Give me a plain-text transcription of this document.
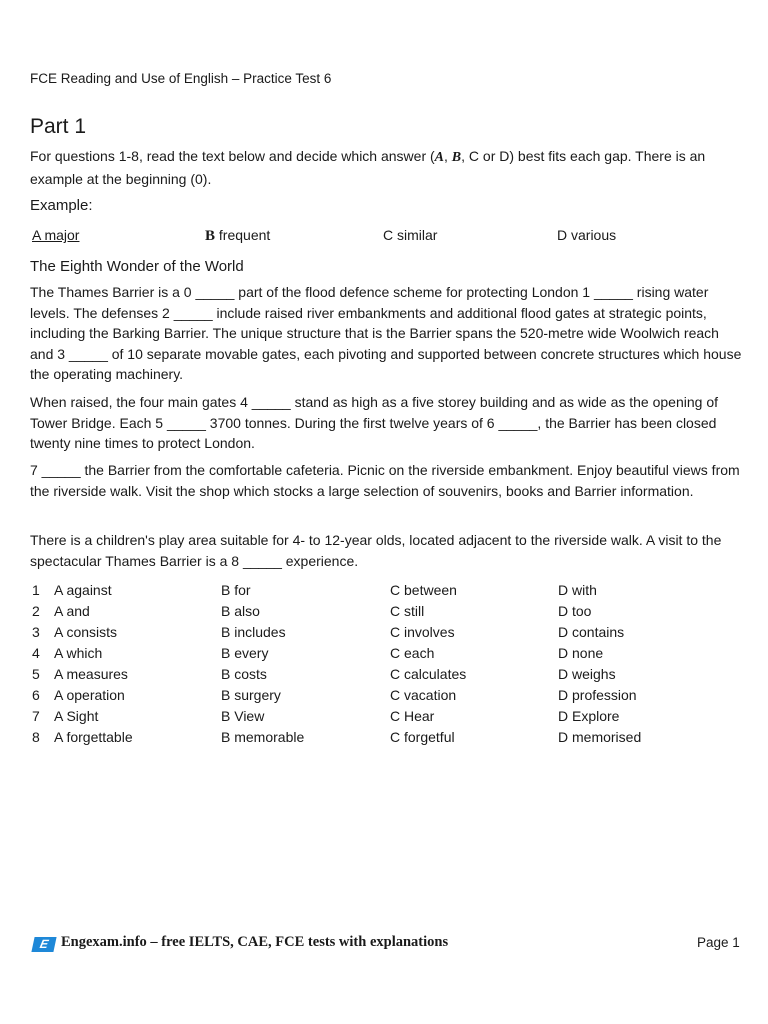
FCE Reading and Use of English – Practice Test 6
Part 1
For questions 1-8, read the text below and decide which answer (A, B, C or D) best fits each gap. There is an example at the beginning (0).
Example:
A major	B frequent	C similar	D various
The Eighth Wonder of the World
The Thames Barrier is a 0 _____ part of the flood defence scheme for protecting London 1 _____ rising water levels. The defenses 2 _____ include raised river embankments and additional flood gates at strategic points, including the Barking Barrier. The unique structure that is the Barrier spans the 520-metre wide Woolwich reach and 3 _____ of 10 separate movable gates, each pivoting and supported between concrete structures which house the operating machinery.
When raised, the four main gates 4 _____ stand as high as a five storey building and as wide as the opening of Tower Bridge. Each 5 _____ 3700 tonnes. During the first twelve years of 6 _____, the Barrier has been closed twenty nine times to protect London.
7 _____ the Barrier from the comfortable cafeteria. Picnic on the riverside embankment. Enjoy beautiful views from the riverside walk. Visit the shop which stocks a large selection of souvenirs, books and Barrier information.
There is a children's play area suitable for 4- to 12-year olds, located adjacent to the riverside walk. A visit to the spectacular Thames Barrier is a 8 _____ experience.
1 A against	B for	C between	D with
2 A and	B also	C still	D too
3 A consists	B includes	C involves	D contains
4 A which	B every	C each	D none
5 A measures	B costs	C calculates	D weighs
6 A operation	B surgery	C vacation	D profession
7 A Sight	B View	C Hear	D Explore
8 A forgettable	B memorable	C forgetful	D memorised
E Engexam.info – free IELTS, CAE, FCE tests with explanations	Page 1
